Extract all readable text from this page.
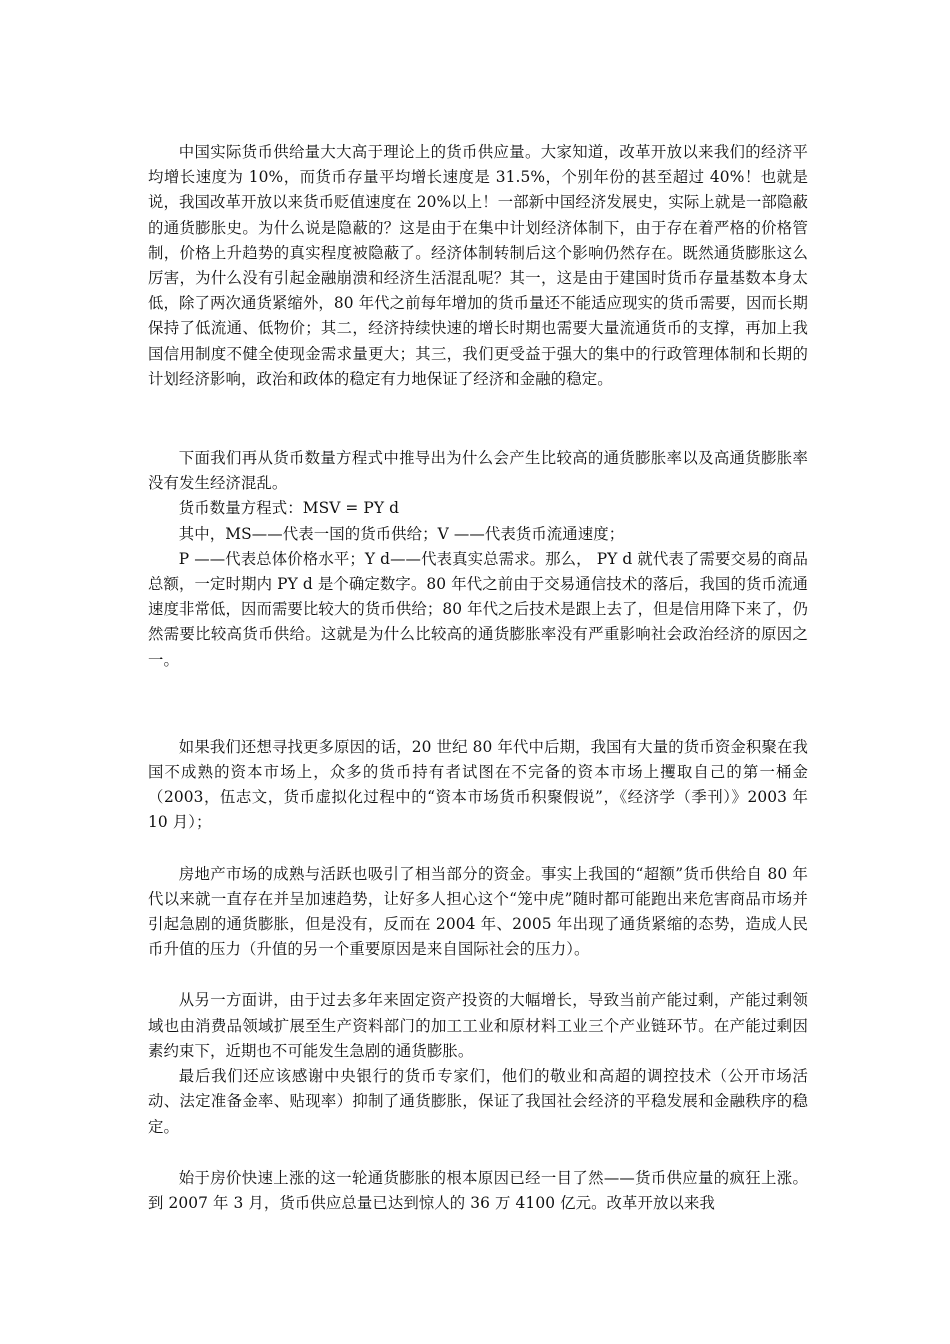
中国实际货币供给量大大高于理论上的货币供应量。大家知道，改革开放以来我们的经济平均增长速度为 10%，而货币存量平均增长速度是 31.5%，个别年份的甚至超过 40%！也就是说，我国改革开放以来货币贬值速度在 20%以上！一部新中国经济发展史，实际上就是一部隐蔽的通货膨胀史。为什么说是隐蔽的？这是由于在集中计划经济体制下，由于存在着严格的价格管制，价格上升趋势的真实程度被隐蔽了。经济体制转制后这个影响仍然存在。既然通货膨胀这么厉害，为什么没有引起金融崩溃和经济生活混乱呢？其一，这是由于建国时货币存量基数本身太低，除了两次通货紧缩外，80 年代之前每年增加的货币量还不能适应现实的货币需要，因而长期保持了低流通、低物价；其二，经济持续快速的增长时期也需要大量流通货币的支撑，再加上我国信用制度不健全使现金需求量更大；其三，我们更受益于强大的集中的行政管理体制和长期的计划经济影响，政治和政体的稳定有力地保证了经济和金融的稳定。

下面我们再从货币数量方程式中推导出为什么会产生比较高的通货膨胀率以及高通货膨胀率没有发生经济混乱。

货币数量方程式：MSV = PY d

其中，MS——代表一国的货币供给；V ——代表货币流通速度；

P ——代表总体价格水平；Y d——代表真实总需求。那么， PY d 就代表了需要交易的商品总额，一定时期内 PY d 是个确定数字。80 年代之前由于交易通信技术的落后，我国的货币流通速度非常低，因而需要比较大的货币供给；80 年代之后技术是跟上去了，但是信用降下来了，仍然需要比较高货币供给。这就是为什么比较高的通货膨胀率没有严重影响社会政治经济的原因之一。

如果我们还想寻找更多原因的话，20 世纪 80 年代中后期，我国有大量的货币资金积聚在我国不成熟的资本市场上，众多的货币持有者试图在不完备的资本市场上攫取自己的第一桶金（2003，伍志文，货币虚拟化过程中的“资本市场货币积聚假说”，《经济学（季刊）》2003 年 10 月）；

房地产市场的成熟与活跃也吸引了相当部分的资金。事实上我国的“超额”货币供给自 80 年代以来就一直存在并呈加速趋势，让好多人担心这个“笼中虎”随时都可能跑出来危害商品市场并引起急剧的通货膨胀，但是没有，反而在 2004 年、2005 年出现了通货紧缩的态势，造成人民币升值的压力（升值的另一个重要原因是来自国际社会的压力）。

从另一方面讲，由于过去多年来固定资产投资的大幅增长，导致当前产能过剩，产能过剩领域也由消费品领域扩展至生产资料部门的加工工业和原材料工业三个产业链环节。在产能过剩因素约束下，近期也不可能发生急剧的通货膨胀。

最后我们还应该感谢中央银行的货币专家们，他们的敬业和高超的调控技术（公开市场活动、法定准备金率、贴现率）抑制了通货膨胀，保证了我国社会经济的平稳发展和金融秩序的稳定。

始于房价快速上涨的这一轮通货膨胀的根本原因已经一目了然——货币供应量的疯狂上涨。到 2007 年 3 月，货币供应总量已达到惊人的 36 万 4100 亿元。改革开放以来我
